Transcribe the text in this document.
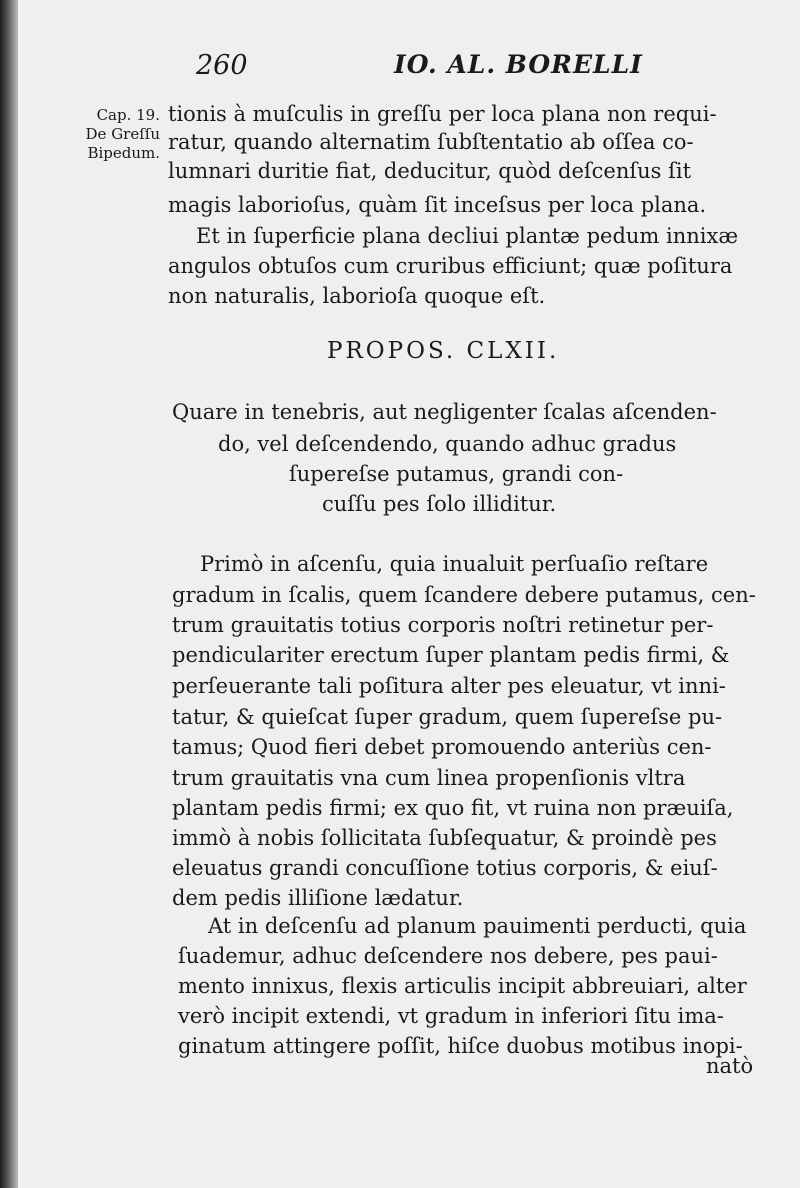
260	IO. AL. BORELLI
Cap. 19.
De Greſſu
Bipedum.
tionis à muſculis in greſſu per loca plana non requi-
ratur, quando alternatim ſubſtentatio ab oſſea co-
lumnari duritie fiat, deducitur, quòd deſcenſus ſit
magis laborioſus, quàm ſit inceſsus per loca plana.
Et in ſuperficie plana decliui plantæ pedum innixæ
angulos obtuſos cum cruribus efficiunt; quæ poſitura
non naturalis, laborioſa quoque eſt.
PROPOS. CLXII.
Quare in tenebris, aut negligenter ſcalas aſcenden-
do, vel deſcendendo, quando adhuc gradus
ſupereſse putamus, grandi con-
cuſſu pes ſolo illiditur.
Primò in aſcenſu, quia inualuit perſuaſio reſtare
gradum in ſcalis, quem ſcandere debere putamus, cen-
trum grauitatis totius corporis noſtri retinetur per-
pendiculariter erectum ſuper plantam pedis firmi, &
perſeuerante tali poſitura alter pes eleuatur, vt inni-
tatur, & quieſcat ſuper gradum, quem ſupereſse pu-
tamus; Quod fieri debet promouendo anteriùs cen-
trum grauitatis vna cum linea propenſionis vltra
plantam pedis firmi; ex quo fit, vt ruina non præuiſa,
immò à nobis ſollicitata ſubſequatur, & proindè pes
eleuatus grandi concuſſione totius corporis, & eiuſ-
dem pedis illiſione lædatur.
At in deſcenſu ad planum pauimenti perducti, quia
ſuademur, adhuc deſcendere nos debere, pes paui-
mento innixus, flexis articulis incipit abbreuiari, alter
verò incipit extendi, vt gradum in inferiori ſitu ima-
ginatum attingere poſſit, hiſce duobus motibus inopi-
natò
